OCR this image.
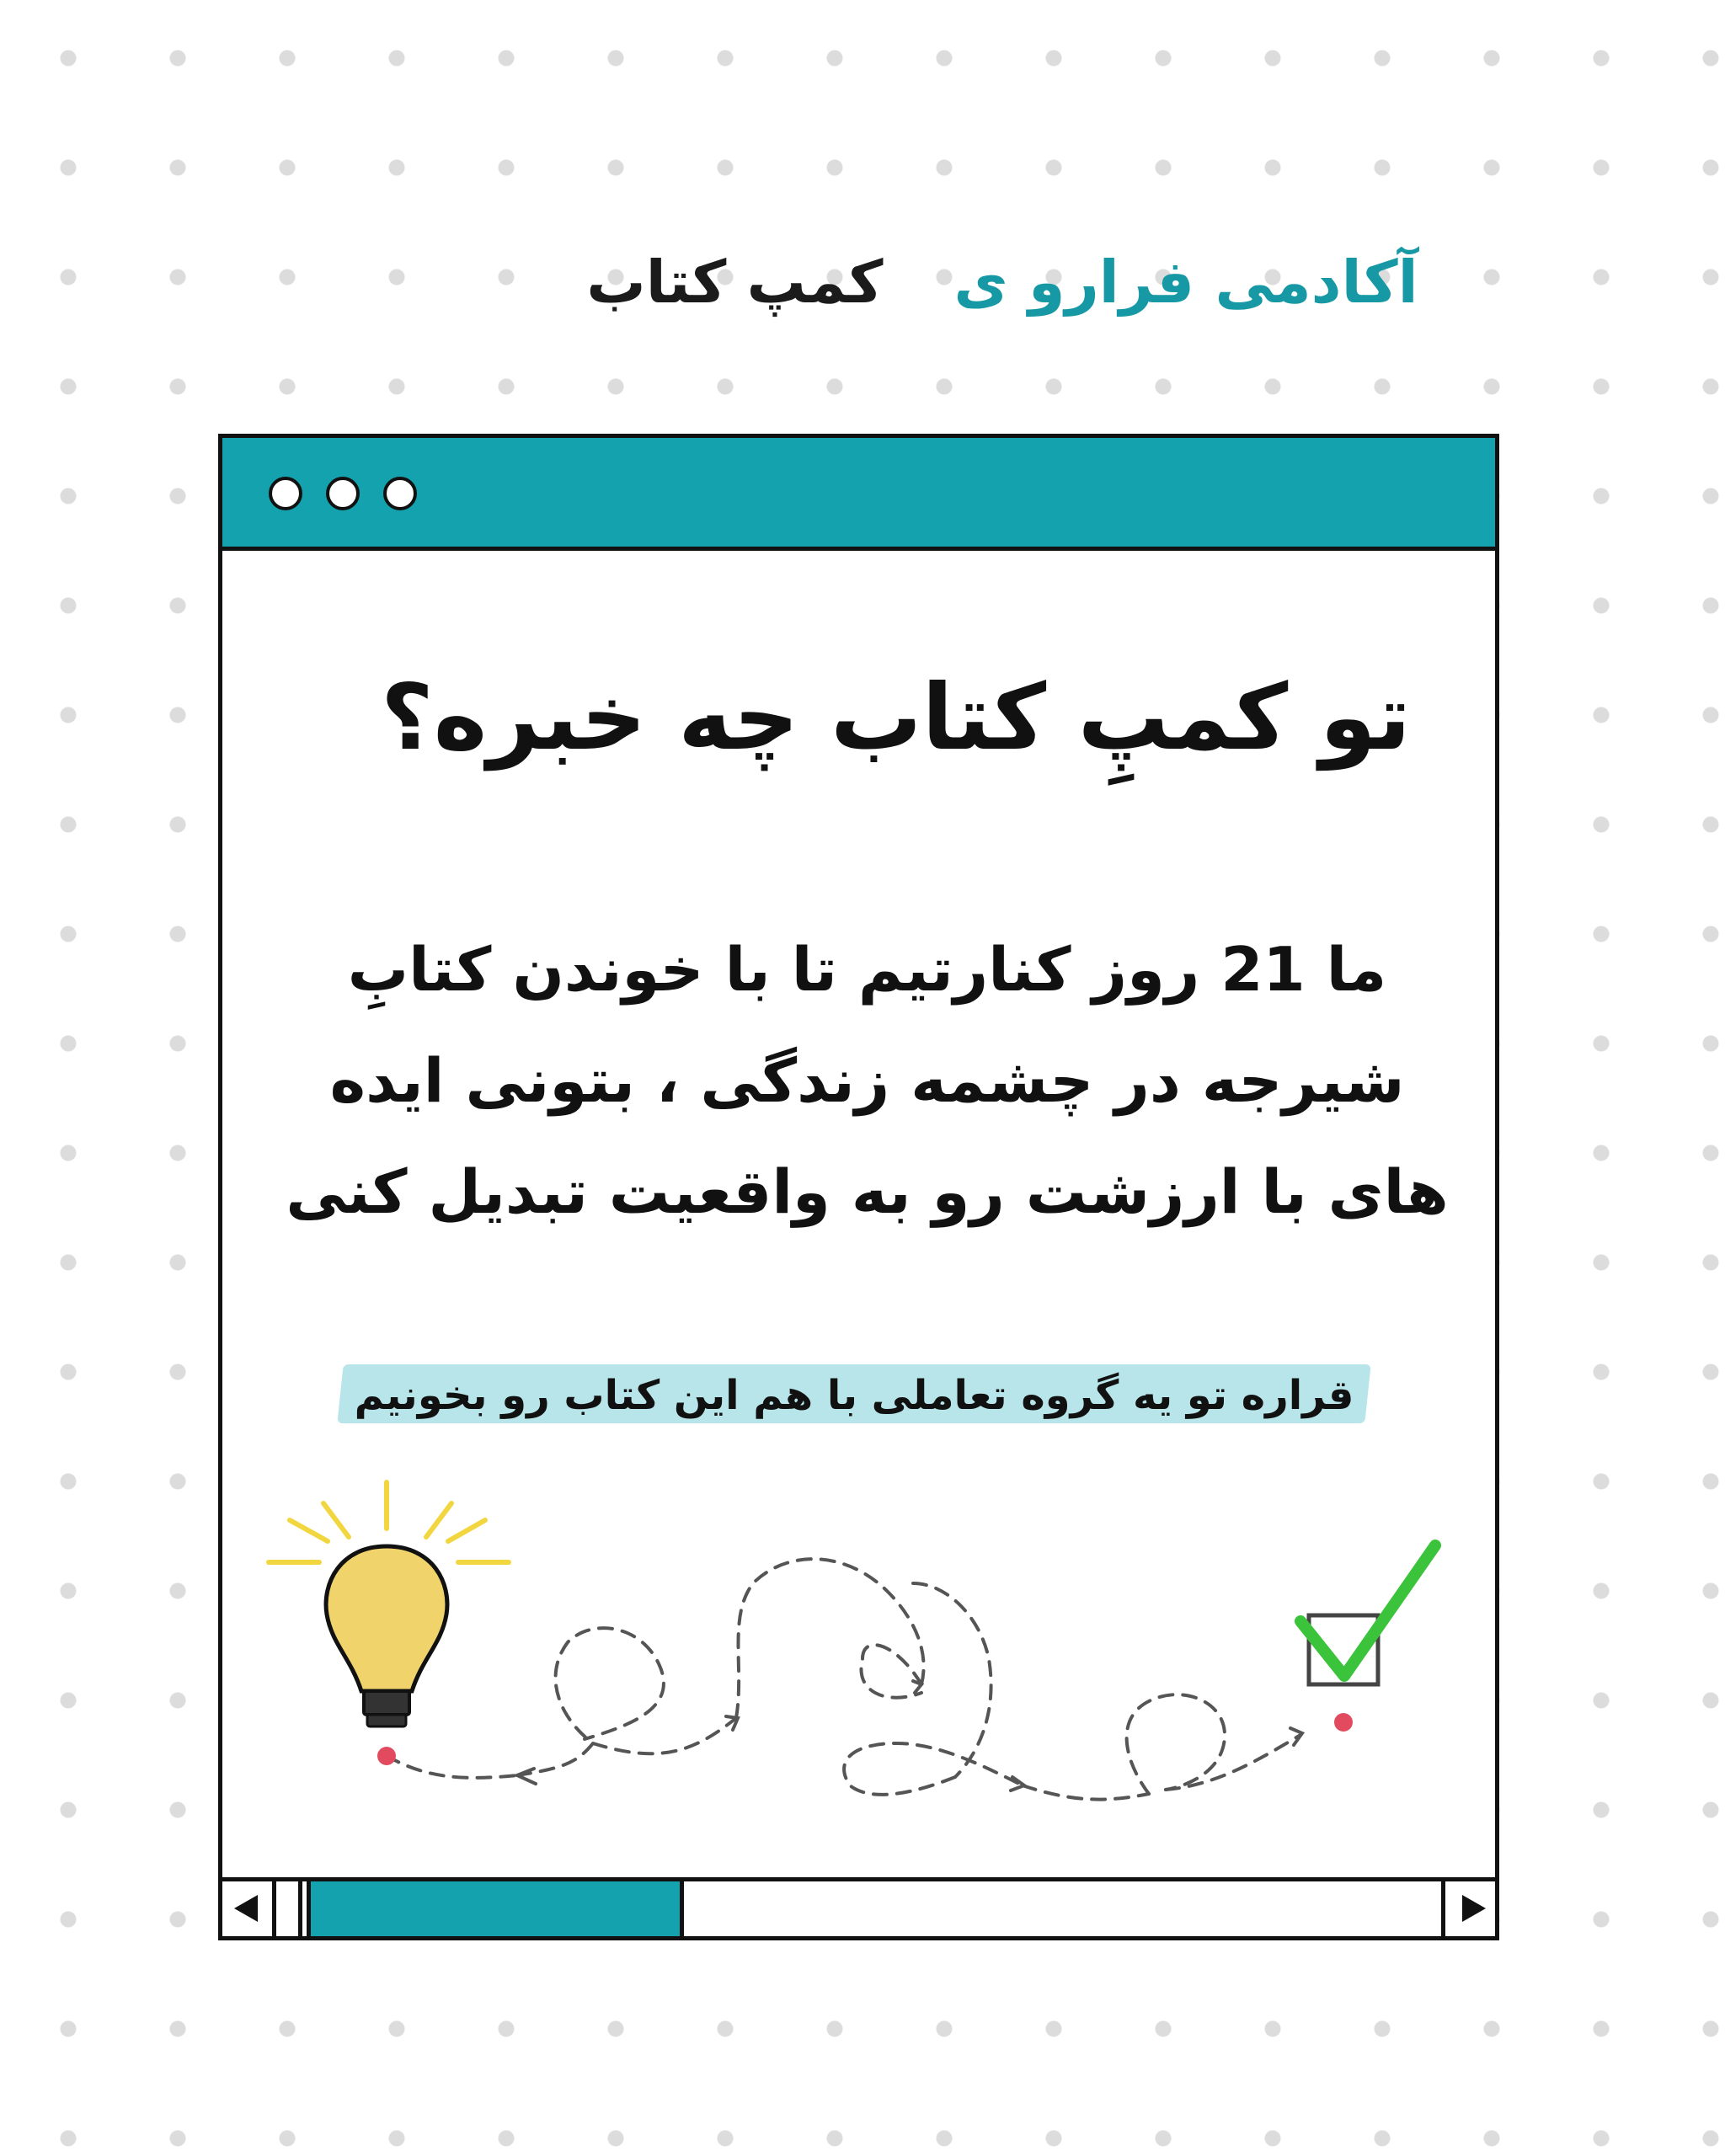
آکادمی فرارو ی
کمپ کتاب
تو کمپِ کتاب چه خبره؟
ما 21 روز کنارتیم تا با خوندن کتابِ
شیرجه در چشمه زندگی ، بتونی ایده
های با ارزشت رو به واقعیت تبدیل کنی
قراره تو یه گروه تعاملی با هم این کتاب رو بخونیم
